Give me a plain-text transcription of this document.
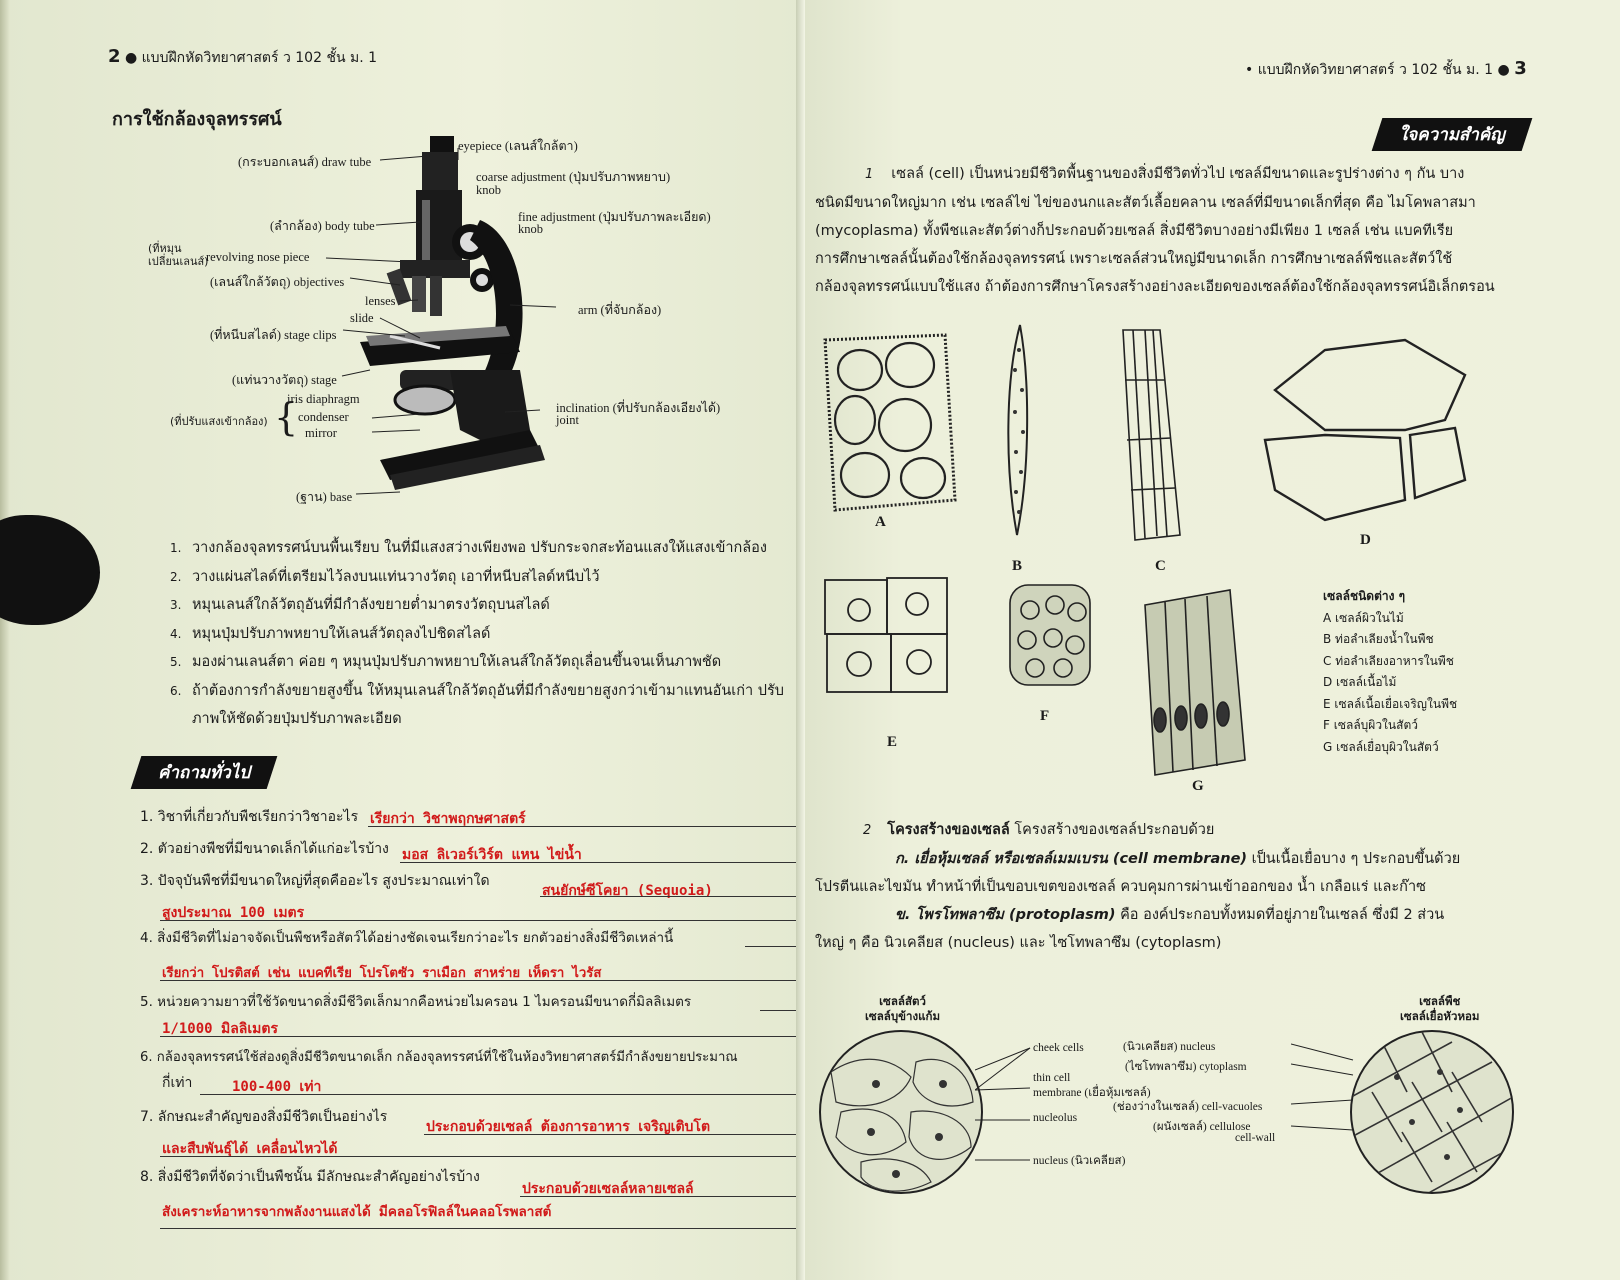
2 ● แบบฝึกหัดวิทยาศาสตร์ ว 102 ชั้น ม. 1
การใช้กล้องจุลทรรศน์
eyepiece (เลนส์ใกล้ตา)
(กระบอกเลนส์) draw tube
coarse adjustment (ปุ่มปรับภาพหยาบ)
knob
fine adjustment (ปุ่มปรับภาพละเอียด)
knob
(ลำกล้อง) body tube
(ที่หมุน
เปลี่ยนเลนส์)
revolving nose piece
(เลนส์ใกล้วัตถุ) objectives
lenses
arm (ที่จับกล้อง)
slide
(ที่หนีบสไลด์) stage clips
(แท่นวางวัตถุ) stage
iris diaphragm
(ที่ปรับแสงเข้ากล้อง) { condenser
mirror
inclination (ที่ปรับกล้องเอียงได้)
joint
(ฐาน) base
1. วางกล้องจุลทรรศน์บนพื้นเรียบ ในที่มีแสงสว่างเพียงพอ ปรับกระจกสะท้อนแสงให้แสงเข้ากล้อง
2. วางแผ่นสไลด์ที่เตรียมไว้ลงบนแท่นวางวัตถุ เอาที่หนีบสไลด์หนีบไว้
3. หมุนเลนส์ใกล้วัตถุอันที่มีกำลังขยายต่ำมาตรงวัตถุบนสไลด์
4. หมุนปุ่มปรับภาพหยาบให้เลนส์วัตถุลงไปชิดสไลด์
5. มองผ่านเลนส์ตา ค่อย ๆ หมุนปุ่มปรับภาพหยาบให้เลนส์ใกล้วัตถุเลื่อนขึ้นจนเห็นภาพชัด
6. ถ้าต้องการกำลังขยายสูงขึ้น ให้หมุนเลนส์ใกล้วัตถุอันที่มีกำลังขยายสูงกว่าเข้ามาแทนอันเก่า ปรับ
ภาพให้ชัดด้วยปุ่มปรับภาพละเอียด
คำถามทั่วไป
1. วิชาที่เกี่ยวกับพืชเรียกว่าวิชาอะไร เรียกว่า วิชาพฤกษศาสตร์
2. ตัวอย่างพืชที่มีขนาดเล็กได้แก่อะไรบ้าง มอส ลิเวอร์เวิร์ต แหน ไข่น้ำ
3. ปัจจุบันพืชที่มีขนาดใหญ่ที่สุดคืออะไร สูงประมาณเท่าใด
สนยักษ์ซีโคยา (Sequoia)
สูงประมาณ 100 เมตร
4. สิ่งมีชีวิตที่ไม่อาจจัดเป็นพืชหรือสัตว์ได้อย่างชัดเจนเรียกว่าอะไร ยกตัวอย่างสิ่งมีชีวิตเหล่านี้
เรียกว่า โปรติสต์ เช่น แบคทีเรีย โปรโตซัว ราเมือก สาหร่าย เห็ดรา ไวรัส
5. หน่วยความยาวที่ใช้วัดขนาดสิ่งมีชีวิตเล็กมากคือหน่วยไมครอน 1 ไมครอนมีขนาดกี่มิลลิเมตร
1/1000 มิลลิเมตร
6. กล้องจุลทรรศน์ใช้ส่องดูสิ่งมีชีวิตขนาดเล็ก กล้องจุลทรรศน์ที่ใช้ในห้องวิทยาศาสตร์มีกำลังขยายประมาณ
กี่เท่า	100-400 เท่า
7. ลักษณะสำคัญของสิ่งมีชีวิตเป็นอย่างไร
ประกอบด้วยเซลล์ ต้องการอาหาร เจริญเติบโต
และสืบพันธุ์ได้ เคลื่อนไหวได้
8. สิ่งมีชีวิตที่จัดว่าเป็นพืชนั้น มีลักษณะสำคัญอย่างไรบ้าง
ประกอบด้วยเซลล์หลายเซลล์
สังเคราะห์อาหารจากพลังงานแสงได้ มีคลอโรฟิลล์ในคลอโรพลาสต์
• แบบฝึกหัดวิทยาศาสตร์ ว 102 ชั้น ม. 1 ● 3
ใจความสำคัญ
1 เซลล์ (cell) เป็นหน่วยมีชีวิตพื้นฐานของสิ่งมีชีวิตทั่วไป เซลล์มีขนาดและรูปร่างต่าง ๆ กัน บาง
ชนิดมีขนาดใหญ่มาก เช่น เซลล์ไข่ ไข่ของนกและสัตว์เลื้อยคลาน เซลล์ที่มีขนาดเล็กที่สุด คือ ไมโคพลาสมา
(mycoplasma) ทั้งพืชและสัตว์ต่างก็ประกอบด้วยเซลล์ สิ่งมีชีวิตบางอย่างมีเพียง 1 เซลล์ เช่น แบคทีเรีย
การศึกษาเซลล์นั้นต้องใช้กล้องจุลทรรศน์ เพราะเซลล์ส่วนใหญ่มีขนาดเล็ก การศึกษาเซลล์พืชและสัตว์ใช้
กล้องจุลทรรศน์แบบใช้แสง ถ้าต้องการศึกษาโครงสร้างอย่างละเอียดของเซลล์ต้องใช้กล้องจุลทรรศน์อิเล็กตรอน
A
B	C
D
E
F
G
เซลล์ชนิดต่าง ๆ
A เซลล์ผิวในไม้
B ท่อลำเลียงน้ำในพืช
C ท่อลำเลียงอาหารในพืช
D เซลล์เนื้อไม้
E เซลล์เนื้อเยื่อเจริญในพืช
F เซลล์บุผิวในสัตว์
G เซลล์เยื่อบุผิวในสัตว์
2 โครงสร้างของเซลล์ โครงสร้างของเซลล์ประกอบด้วย
ก. เยื่อหุ้มเซลล์ หรือเซลล์เมมเบรน (cell membrane) เป็นเนื้อเยื่อบาง ๆ ประกอบขึ้นด้วย
โปรตีนและไขมัน ทำหน้าที่เป็นขอบเขตของเซลล์ ควบคุมการผ่านเข้าออกของ น้ำ เกลือแร่ และก๊าซ
ข. โพรโทพลาซึม (protoplasm) คือ องค์ประกอบทั้งหมดที่อยู่ภายในเซลล์ ซึ่งมี 2 ส่วน
ใหญ่ ๆ คือ นิวเคลียส (nucleus) และ ไซโทพลาซึม (cytoplasm)
เซลล์สัตว์
เซลล์บุข้างแก้ม
cheek cells
thin cell
membrane (เยื่อหุ้มเซลล์)
nucleolus
nucleus (นิวเคลียส)
เซลล์พืช
เซลล์เยื่อหัวหอม
(นิวเคลียส) nucleus
(ไซโทพลาซึม) cytoplasm
(ช่องว่างในเซลล์) cell-vacuoles
(ผนังเซลล์) cellulose
cell-wall
